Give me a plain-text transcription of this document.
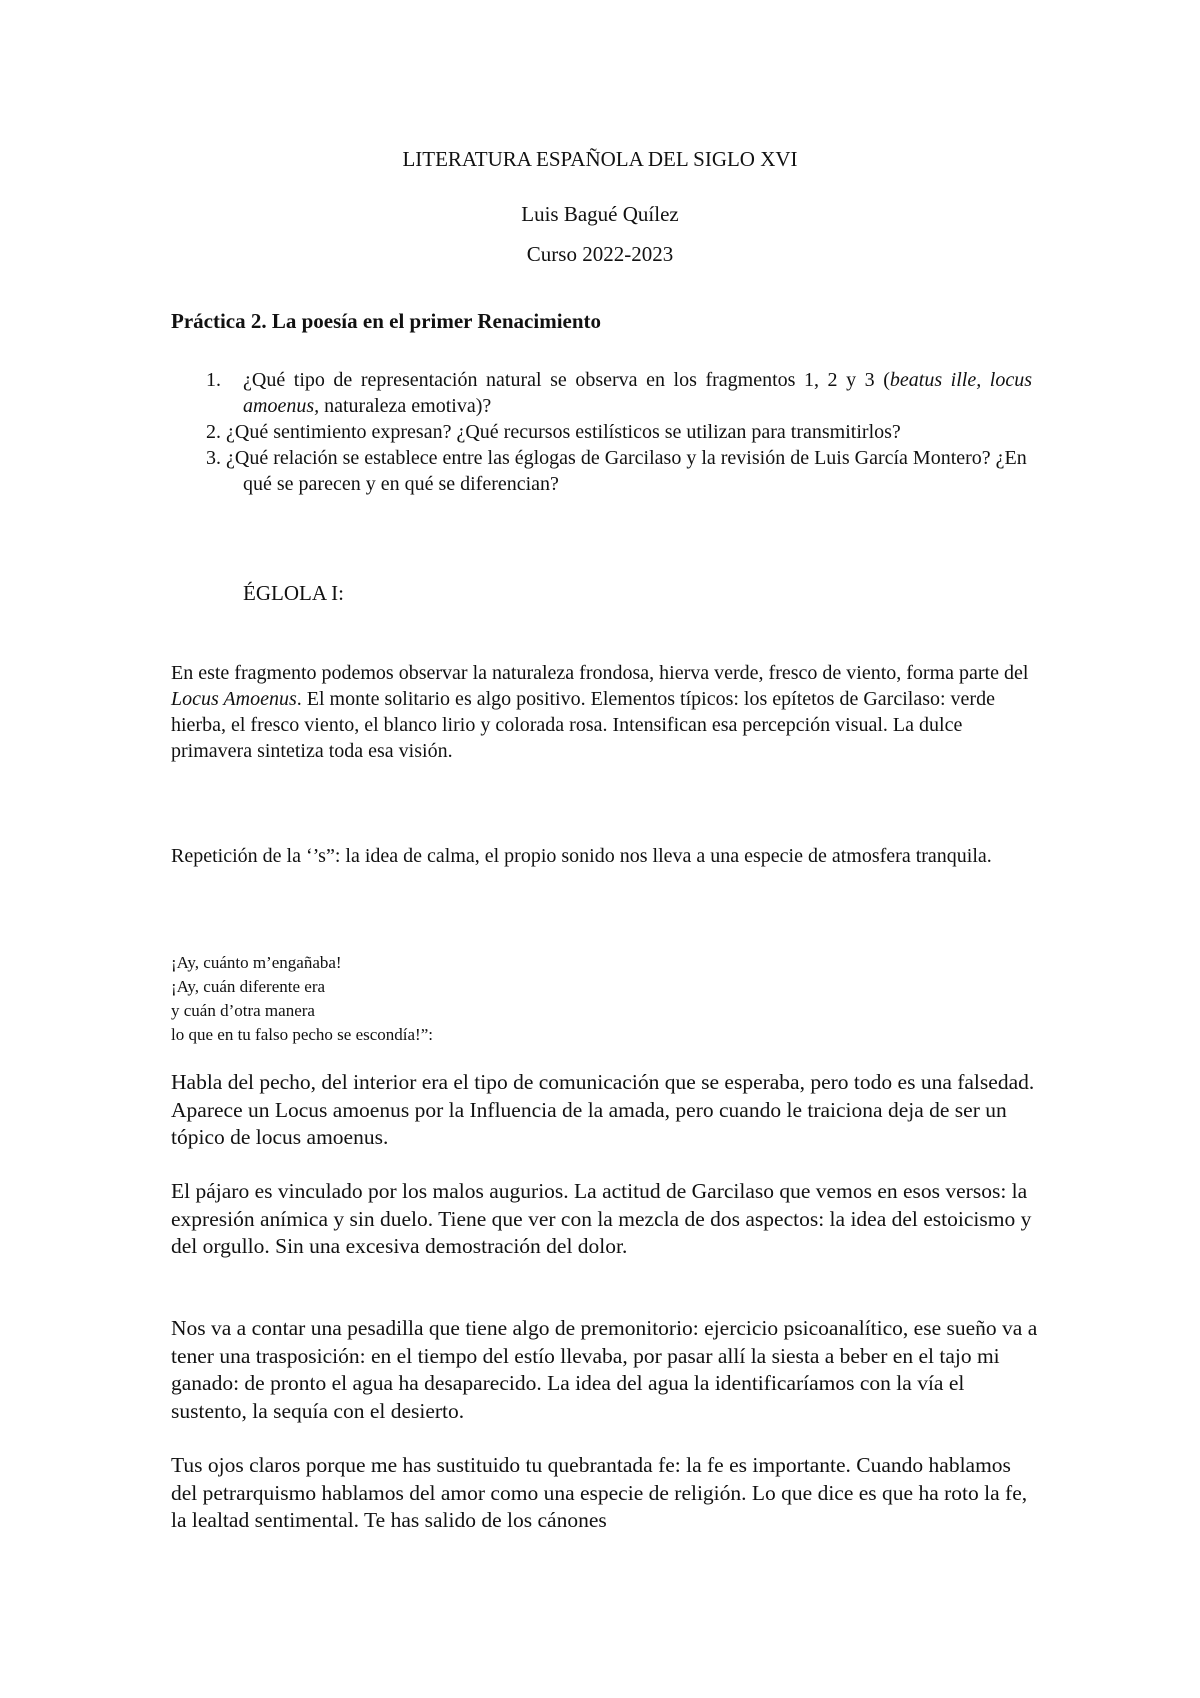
LITERATURA ESPAÑOLA DEL SIGLO XVI
Luis Bagué Quílez
Curso 2022-2023
Práctica 2. La poesía en el primer Renacimiento
1. ¿Qué tipo de representación natural se observa en los fragmentos 1, 2 y 3 (beatus ille, locus amoenus, naturaleza emotiva)?
2. ¿Qué sentimiento expresan? ¿Qué recursos estilísticos se utilizan para transmitirlos?
3. ¿Qué relación se establece entre las églogas de Garcilaso y la revisión de Luis García Montero? ¿En qué se parecen y en qué se diferencian?
ÉGLOLA I:
En este fragmento podemos observar la naturaleza frondosa, hierva verde, fresco de viento, forma parte del Locus Amoenus. El monte solitario es algo positivo. Elementos típicos: los epítetos de Garcilaso: verde hierba, el fresco viento, el blanco lirio y colorada rosa. Intensifican esa percepción visual. La dulce primavera sintetiza toda esa visión.
Repetición de la ‘’s”: la idea de calma, el propio sonido nos lleva a una especie de atmosfera tranquila.
¡Ay, cuánto m’engañaba!
¡Ay, cuán diferente era
y cuán d’otra manera
lo que en tu falso pecho se escondía!”:
Habla del pecho, del interior era el tipo de comunicación que se esperaba, pero todo es una falsedad. Aparece un Locus amoenus por la Influencia de la amada, pero cuando le traiciona deja de ser un tópico de locus amoenus.
El pájaro es vinculado por los malos augurios. La actitud de Garcilaso que vemos en esos versos: la expresión anímica y sin duelo. Tiene que ver con la mezcla de dos aspectos: la idea del estoicismo y del orgullo. Sin una excesiva demostración del dolor.
Nos va a contar una pesadilla que tiene algo de premonitorio: ejercicio psicoanalítico, ese sueño va a tener una trasposición: en el tiempo del estío llevaba, por pasar allí la siesta a beber en el tajo mi ganado: de pronto el agua ha desaparecido. La idea del agua la identificaríamos con la vía el sustento, la sequía con el desierto.
Tus ojos claros porque me has sustituido tu quebrantada fe: la fe es importante. Cuando hablamos del petrarquismo hablamos del amor como una especie de religión. Lo que dice es que ha roto la fe, la lealtad sentimental. Te has salido de los cánones
